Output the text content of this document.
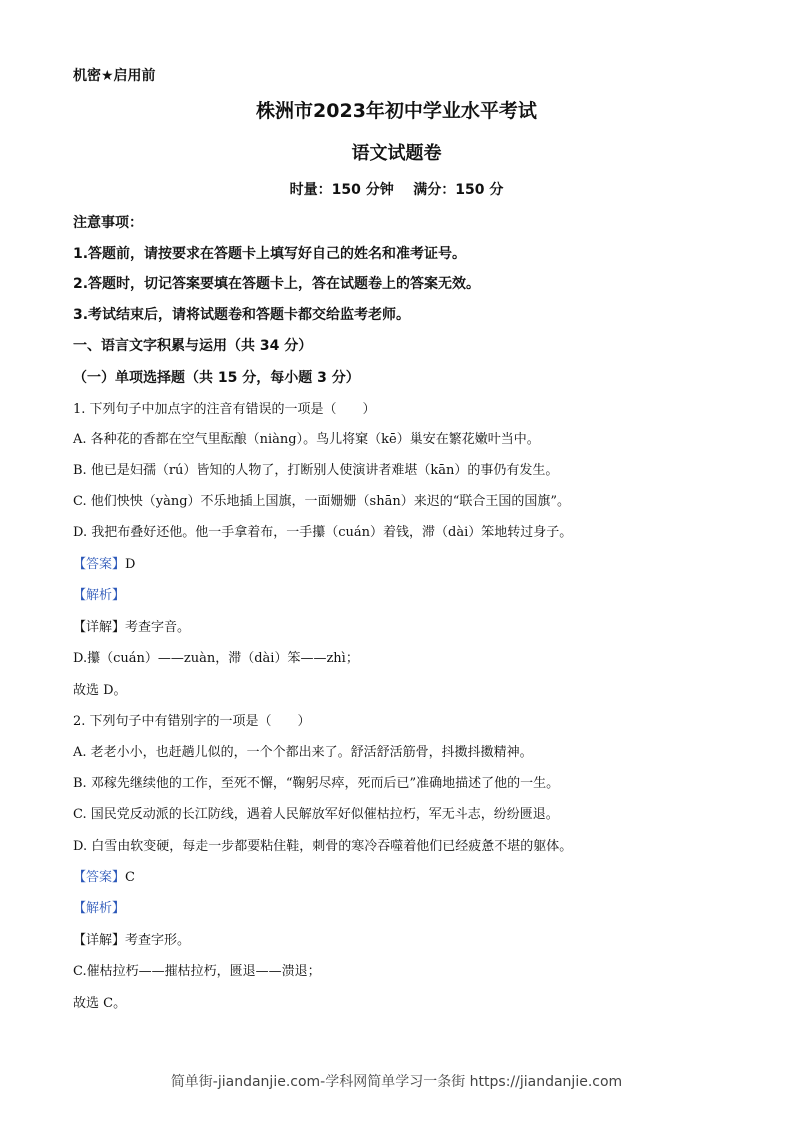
机密★启用前
株洲市2023年初中学业水平考试
语文试题卷
时量：150 分钟    满分：150 分
注意事项：
1.答题前，请按要求在答题卡上填写好自己的姓名和准考证号。
2.答题时，切记答案要填在答题卡上，答在试题卷上的答案无效。
3.考试结束后，请将试题卷和答题卡都交给监考老师。
一、语言文字积累与运用（共 34 分）
（一）单项选择题（共 15 分，每小题 3 分）
1. 下列句子中加点字的注音有错误的一项是（　　）
A. 各种花的香都在空气里酝酿（niàng）。鸟儿将窠（kē）巢安在繁花嫩叶当中。
B. 他已是妇孺（rú）皆知的人物了，打断别人使演讲者难堪（kān）的事仍有发生。
C. 他们怏怏（yàng）不乐地插上国旗，一面姗姗（shān）来迟的“联合王国的国旗”。
D. 我把布叠好还他。他一手拿着布，一手攥（cuán）着钱，滞（dài）笨地转过身子。
【答案】D
【解析】
【详解】考查字音。
D.攥（cuán）——zuàn，滞（dài）笨——zhì；
故选 D。
2. 下列句子中有错别字的一项是（　　）
A. 老老小小，也赶趟儿似的，一个个都出来了。舒活舒活筋骨，抖擞抖擞精神。
B. 邓稼先继续他的工作，至死不懈，“鞠躬尽瘁，死而后已”准确地描述了他的一生。
C. 国民党反动派的长江防线，遇着人民解放军好似催枯拉朽，军无斗志，纷纷匮退。
D. 白雪由软变硬，每走一步都要粘住鞋，刺骨的寒冷吞噬着他们已经疲惫不堪的躯体。
【答案】C
【解析】
【详解】考查字形。
C.催枯拉朽——摧枯拉朽，匮退——溃退；
故选 C。
简单街-jiandanjie.com-学科网简单学习一条街 https://jiandanjie.com
